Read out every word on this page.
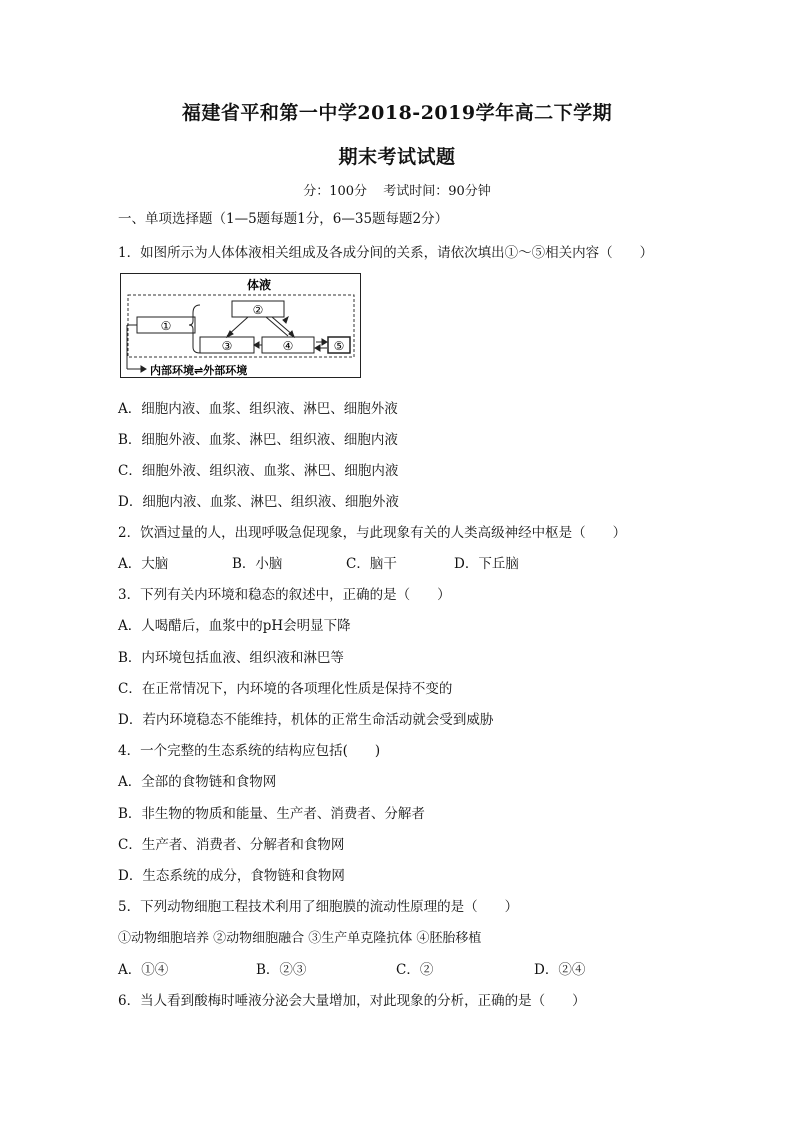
福建省平和第一中学2018-2019学年高二下学期
期末考试试题
分：100分 考试时间：90分钟
一、单项选择题（1—5题每题1分，6—35题每题2分）
1．如图所示为人体体液相关组成及各成分间的关系，请依次填出①～⑤相关内容（　　）
体液
①
②
③	④	⑤
内部环境⇌外部环境
A．细胞内液、血浆、组织液、淋巴、细胞外液
B．细胞外液、血浆、淋巴、组织液、细胞内液
C．细胞外液、组织液、血浆、淋巴、细胞内液
D．细胞内液、血浆、淋巴、组织液、细胞外液
2．饮酒过量的人，出现呼吸急促现象，与此现象有关的人类高级神经中枢是（　　）
A．大脑	B．小脑	C．脑干	D．下丘脑
3．下列有关内环境和稳态的叙述中，正确的是（　　）
A．人喝醋后，血浆中的pH会明显下降
B．内环境包括血液、组织液和淋巴等
C．在正常情况下，内环境的各项理化性质是保持不变的
D．若内环境稳态不能维持，机体的正常生命活动就会受到威胁
4．一个完整的生态系统的结构应包括(　　)
A．全部的食物链和食物网
B．非生物的物质和能量、生产者、消费者、分解者
C．生产者、消费者、分解者和食物网
D．生态系统的成分，食物链和食物网
5．下列动物细胞工程技术利用了细胞膜的流动性原理的是（　　）
①动物细胞培养 ②动物细胞融合 ③生产单克隆抗体 ④胚胎移植
A．①④	B．②③	C．②	D．②④
6．当人看到酸梅时唾液分泌会大量增加，对此现象的分析，正确的是（　　）
